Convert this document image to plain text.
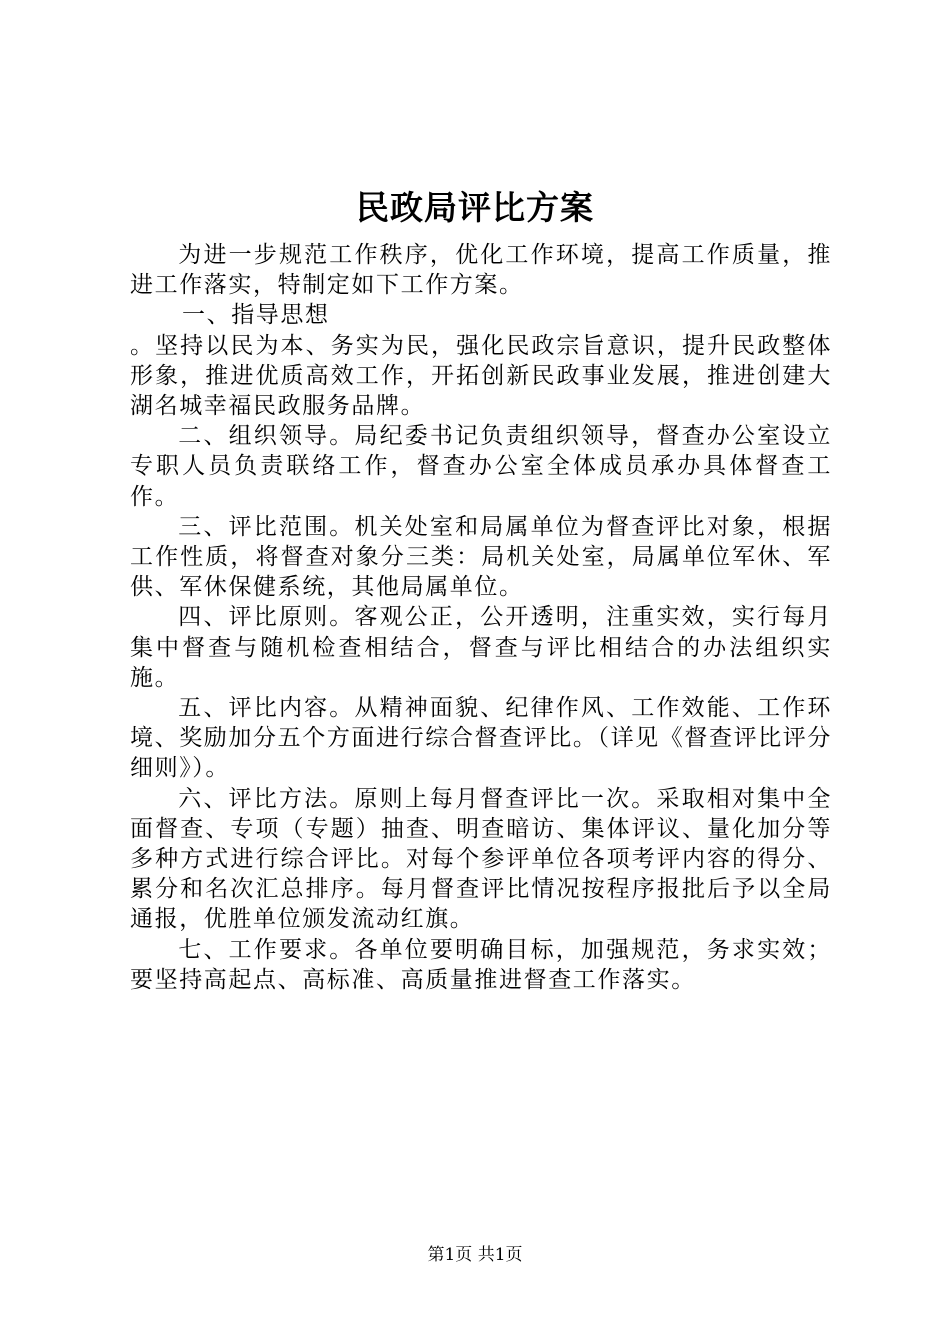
民政局评比方案

为进一步规范工作秩序，优化工作环境，提高工作质量，推进工作落实，特制定如下工作方案。

一、指导思想

。坚持以民为本、务实为民，强化民政宗旨意识，提升民政整体形象，推进优质高效工作，开拓创新民政事业发展，推进创建大湖名城幸福民政服务品牌。

二、组织领导。局纪委书记负责组织领导，督查办公室设立专职人员负责联络工作，督查办公室全体成员承办具体督查工作。

三、评比范围。机关处室和局属单位为督查评比对象，根据工作性质，将督查对象分三类：局机关处室，局属单位军休、军供、军休保健系统，其他局属单位。

四、评比原则。客观公正，公开透明，注重实效，实行每月集中督查与随机检查相结合，督查与评比相结合的办法组织实施。

五、评比内容。从精神面貌、纪律作风、工作效能、工作环境、奖励加分五个方面进行综合督查评比。（详见《督查评比评分细则》）。

六、评比方法。原则上每月督查评比一次。采取相对集中全面督查、专项（专题）抽查、明查暗访、集体评议、量化加分等多种方式进行综合评比。对每个参评单位各项考评内容的得分、累分和名次汇总排序。每月督查评比情况按程序报批后予以全局通报，优胜单位颁发流动红旗。

七、工作要求。各单位要明确目标，加强规范，务求实效；要坚持高起点、高标准、高质量推进督查工作落实。

第1页 共1页
